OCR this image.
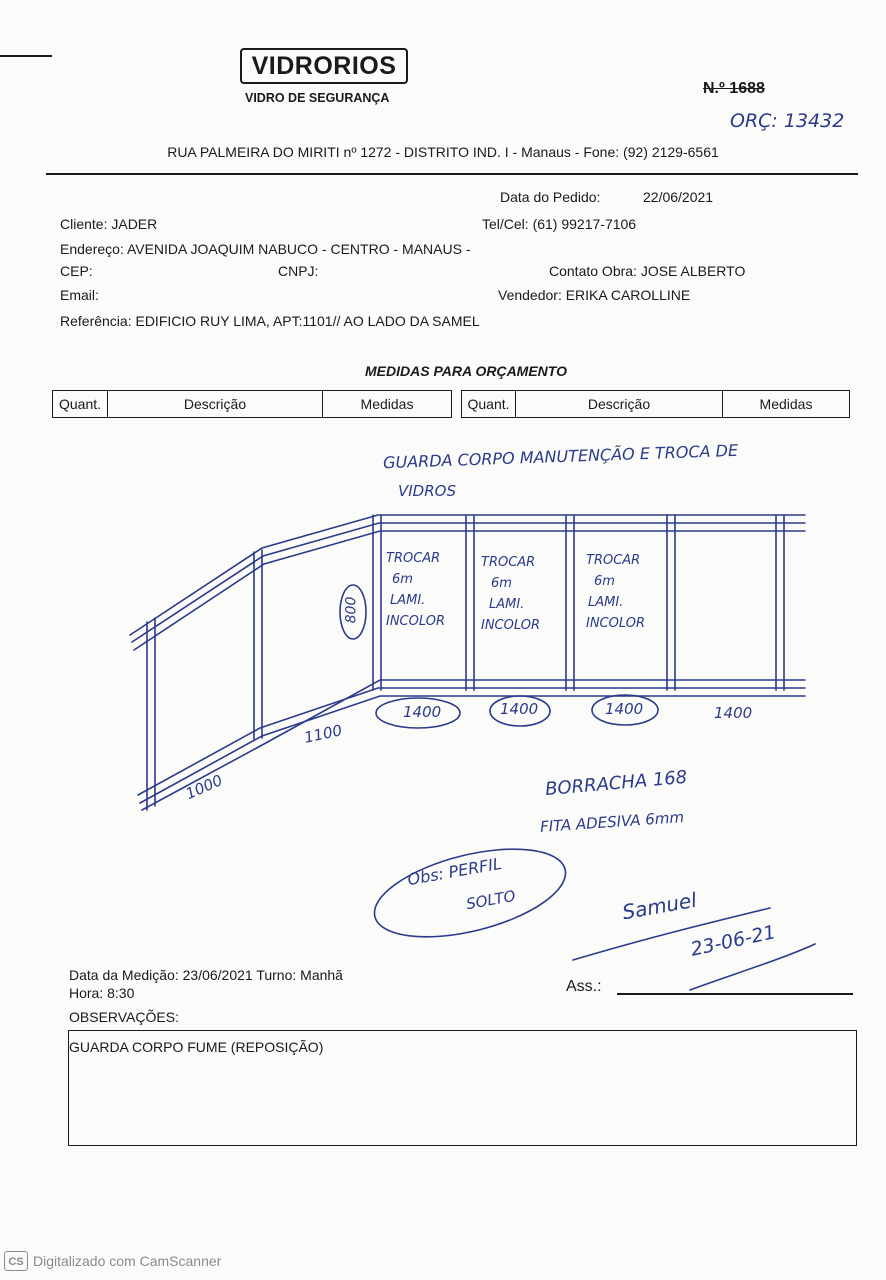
VIDRORIOS
VIDRO DE SEGURANÇA
N.º 1688
ORÇ: 13432
RUA PALMEIRA DO MIRITI nº 1272 - DISTRITO IND. I - Manaus - Fone: (92) 2129-6561
Data do Pedido:	22/06/2021
Cliente: JADER	Tel/Cel: (61) 99217-7106
Endereço: AVENIDA JOAQUIM NABUCO - CENTRO - MANAUS -
CEP:	CNPJ:	Contato Obra: JOSE ALBERTO
Email:	Vendedor: ERIKA CAROLLINE
Referência: EDIFICIO RUY LIMA, APT:1101// AO LADO DA SAMEL
MEDIDAS PARA ORÇAMENTO
Quant.	Descrição	Medidas	Quant.	Descrição	Medidas
GUARDA CORPO MANUTENÇÃO E TROCA DE
VIDROS
800
TROCAR
6m
LAMI.
INCOLOR
TROCAR
6m
LAMI.
INCOLOR
TROCAR
6m
LAMI.
INCOLOR
1400	1400	1400	1400
1100
1000	BORRACHA 168
FITA ADESIVA 6mm
Obs: PERFIL
SOLTO	Samuel
23-06-21
Data da Medição: 23/06/2021 Turno: Manhã
Hora: 8:30	Ass.:
OBSERVAÇÕES:
GUARDA CORPO FUME (REPOSIÇÃO)
CS Digitalizado com CamScanner
